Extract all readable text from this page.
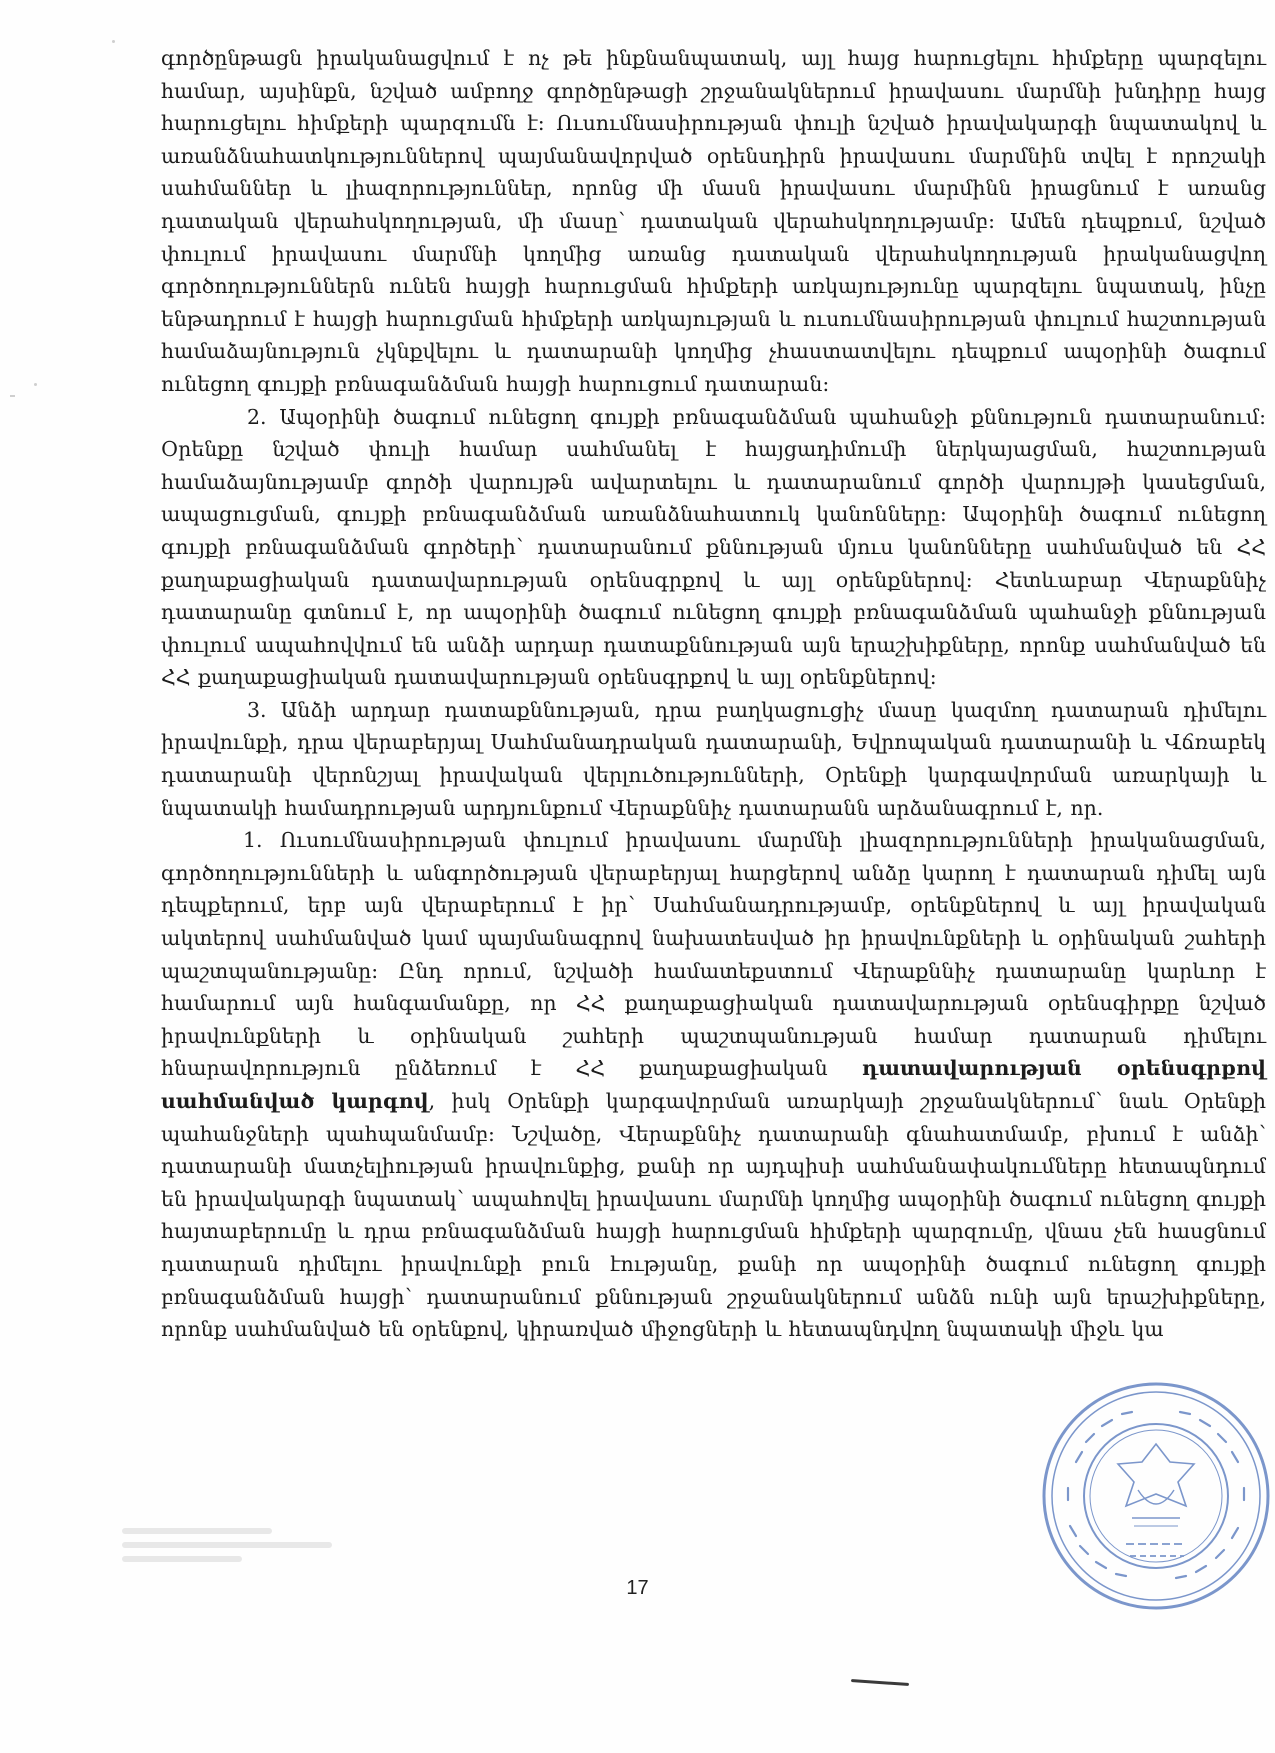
գործընթացն իրականացվում է ոչ թե ինքնանպատակ, այլ հայց հարուցելու հիմքերը պարզելու համար, այսինքն, նշված ամբողջ գործընթացի շրջանակներում իրավասու մարմնի խնդիրը հայց հարուցելու հիմքերի պարզումն է: Ուսումնասիրության փուլի նշված իրավակարգի նպատակով և առանձնահատկություններով պայմանավորված օրենսդիրն իրավասու մարմնին տվել է որոշակի սահմաններ և լիազորություններ, որոնց մի մասն իրավասու մարմինն իրացնում է առանց դատական վերահսկողության, մի մասը՝ դատական վերահսկողությամբ: Ամեն դեպքում, նշված փուլում իրավասու մարմնի կողմից առանց դատական վերահսկողության իրականացվող գործողություններն ունեն հայցի հարուցման հիմքերի առկայությունը պարզելու նպատակ, ինչը ենթադրում է հայցի հարուցման հիմքերի առկայության և ուսումնասիրության փուլում հաշտության համաձայնություն չկնքվելու և դատարանի կողմից չհաստատվելու դեպքում ապօրինի ծագում ունեցող գույքի բռնագանձման հայցի հարուցում դատարան:

2. Ապօրինի ծագում ունեցող գույքի բռնագանձման պահանջի քննություն դատարանում: Օրենքը նշված փուլի համար սահմանել է հայցադիմումի ներկայացման, հաշտության համաձայնությամբ գործի վարույթն ավարտելու և դատարանում գործի վարույթի կասեցման, ապացուցման, գույքի բռնագանձման առանձնահատուկ կանոնները: Ապօրինի ծագում ունեցող գույքի բռնագանձման գործերի՝ դատարանում քննության մյուս կանոնները սահմանված են ՀՀ քաղաքացիական դատավարության օրենսգրքով և այլ օրենքներով: Հետևաբար Վերաքննիչ դատարանը գտնում է, որ ապօրինի ծագում ունեցող գույքի բռնագանձման պահանջի քննության փուլում ապահովվում են անձի արդար դատաքննության այն երաշխիքները, որոնք սահմանված են ՀՀ քաղաքացիական դատավարության օրենսգրքով և այլ օրենքներով:

3. Անձի արդար դատաքննության, դրա բաղկացուցիչ մասը կազմող դատարան դիմելու իրավունքի, դրա վերաբերյալ Սահմանադրական դատարանի, Եվրոպական դատարանի և Վճռաբեկ դատարանի վերոնշյալ իրավական վերլուծությունների, Օրենքի կարգավորման առարկայի և նպատակի համադրության արդյունքում Վերաքննիչ դատարանն արձանագրում է, որ.

1. Ուսումնասիրության փուլում իրավասու մարմնի լիազորությունների իրականացման, գործողությունների և անգործության վերաբերյալ հարցերով անձը կարող է դատարան դիմել այն դեպքերում, երբ այն վերաբերում է իր՝ Սահմանադրությամբ, օրենքներով և այլ իրավական ակտերով սահմանված կամ պայմանագրով նախատեսված իր իրավունքների և օրինական շահերի պաշտպանությանը: Ընդ որում, նշվածի համատեքստում Վերաքննիչ դատարանը կարևոր է համարում այն հանգամանքը, որ ՀՀ քաղաքացիական դատավարության օրենսգիրքը նշված իրավունքների և օրինական շահերի պաշտպանության համար դատարան դիմելու հնարավորություն ընձեռում է ՀՀ քաղաքացիական դատավարության օրենսգրքով սահմանված կարգով, իսկ Օրենքի կարգավորման առարկայի շրջանակներում՝ նաև Օրենքի պահանջների պահպանմամբ: Նշվածը, Վերաքննիչ դատարանի գնահատմամբ, բխում է անձի՝ դատարանի մատչելիության իրավունքից, քանի որ այդպիսի սահմանափակումները հետապնդում են իրավակարգի նպատակ՝ ապահովել իրավասու մարմնի կողմից ապօրինի ծագում ունեցող գույքի հայտաբերումը և դրա բռնագանձման հայցի հարուցման հիմքերի պարզումը, վնաս չեն հասցնում դատարան դիմելու իրավունքի բուն էությանը, քանի որ ապօրինի ծագում ունեցող գույքի բռնագանձման հայցի՝ դատարանում քննության շրջանակներում անձն ունի այն երաշխիքները, որոնք սահմանված են օրենքով, կիրառված միջոցների և հետապնդվող նպատակի միջև կա

17
